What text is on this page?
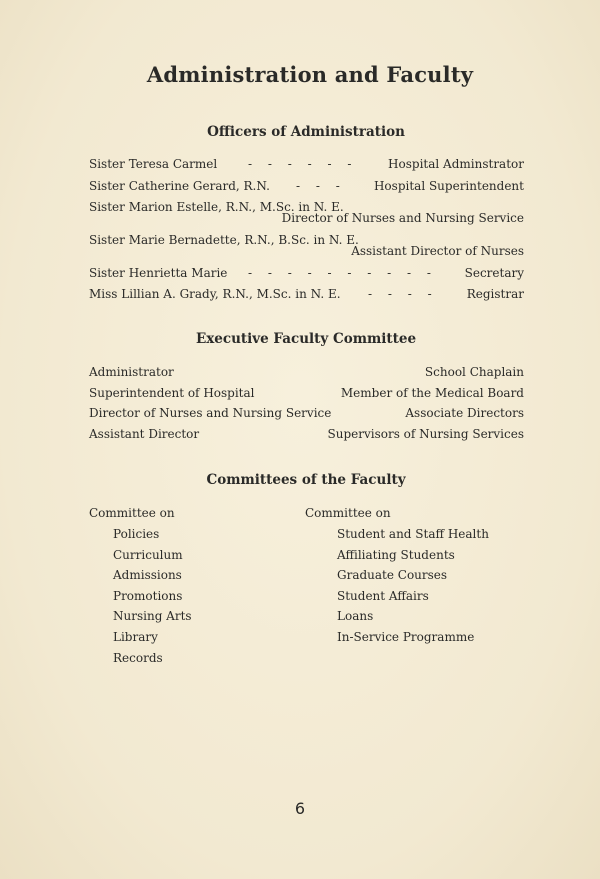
Administration and Faculty
Officers of Administration
Sister Teresa Carmel	- - - - - -	Hospital Adminstrator
Sister Catherine Gerard, R.N. - - - Hospital Superintendent
Sister Marion Estelle, R.N., M.Sc. in N. E.
Director of Nurses and Nursing Service
Sister Marie Bernadette, R.N., B.Sc. in N. E.
Assistant Director of Nurses
Sister Henrietta Marie - - - - - - - - - - Secretary
Miss Lillian A. Grady, R.N., M.Sc. in N. E. - - - - Registrar
Executive Faculty Committee
Administrator	School Chaplain
Superintendent of Hospital	Member of the Medical Board
Director of Nurses and Nursing Service	Associate Directors
Assistant Director	Supervisors of Nursing Services
Committees of the Faculty
Committee on
Policies
Curriculum
Admissions
Promotions
Nursing Arts
Library
Records
Committee on
Student and Staff Health
Affiliating Students
Graduate Courses
Student Affairs
Loans
In-Service Programme
6
